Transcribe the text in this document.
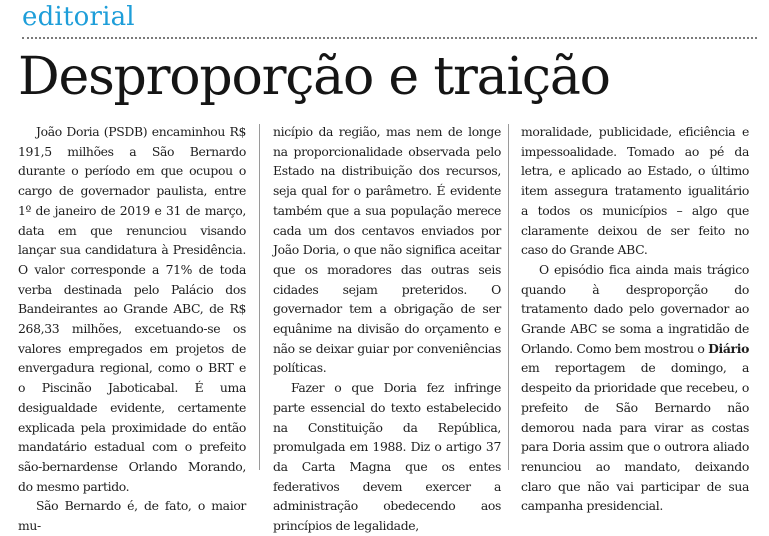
editorial
Desproporção e traição

João Doria (PSDB) encaminhou R$ 191,5 milhões a São Bernardo durante o período em que ocupou o cargo de governador paulista, entre 1º de janeiro de 2019 e 31 de março, data em que renunciou visando lançar sua candidatura à Presidência. O valor corresponde a 71% de toda verba destinada pelo Palácio dos Bandeirantes ao Grande ABC, de R$ 268,33 milhões, excetuando-se os valores empregados em projetos de envergadura regional, como o BRT e o Piscinão Jaboticabal. É uma desigualdade evidente, certamente explicada pela proximidade do então mandatário estadual com o prefeito são-bernardense Orlando Morando, do mesmo partido.

São Bernardo é, de fato, o maior mu-

nicípio da região, mas nem de longe na proporcionalidade observada pelo Estado na distribuição dos recursos, seja qual for o parâmetro. É evidente também que a sua população merece cada um dos centavos enviados por João Doria, o que não significa aceitar que os moradores das outras seis cidades sejam preteridos. O governador tem a obrigação de ser equânime na divisão do orçamento e não se deixar guiar por conveniências políticas.

Fazer o que Doria fez infringe parte essencial do texto estabelecido na Constituição da República, promulgada em 1988. Diz o artigo 37 da Carta Magna que os entes federativos devem exercer a administração obedecendo aos princípios de legalidade,

moralidade, publicidade, eficiência e impessoalidade. Tomado ao pé da letra, e aplicado ao Estado, o último item assegura tratamento igualitário a todos os municípios – algo que claramente deixou de ser feito no caso do Grande ABC.

O episódio fica ainda mais trágico quando à desproporção do tratamento dado pelo governador ao Grande ABC se soma a ingratidão de Orlando. Como bem mostrou o Diário em reportagem de domingo, a despeito da prioridade que recebeu, o prefeito de São Bernardo não demorou nada para virar as costas para Doria assim que o outrora aliado renunciou ao mandato, deixando claro que não vai participar de sua campanha presidencial.
